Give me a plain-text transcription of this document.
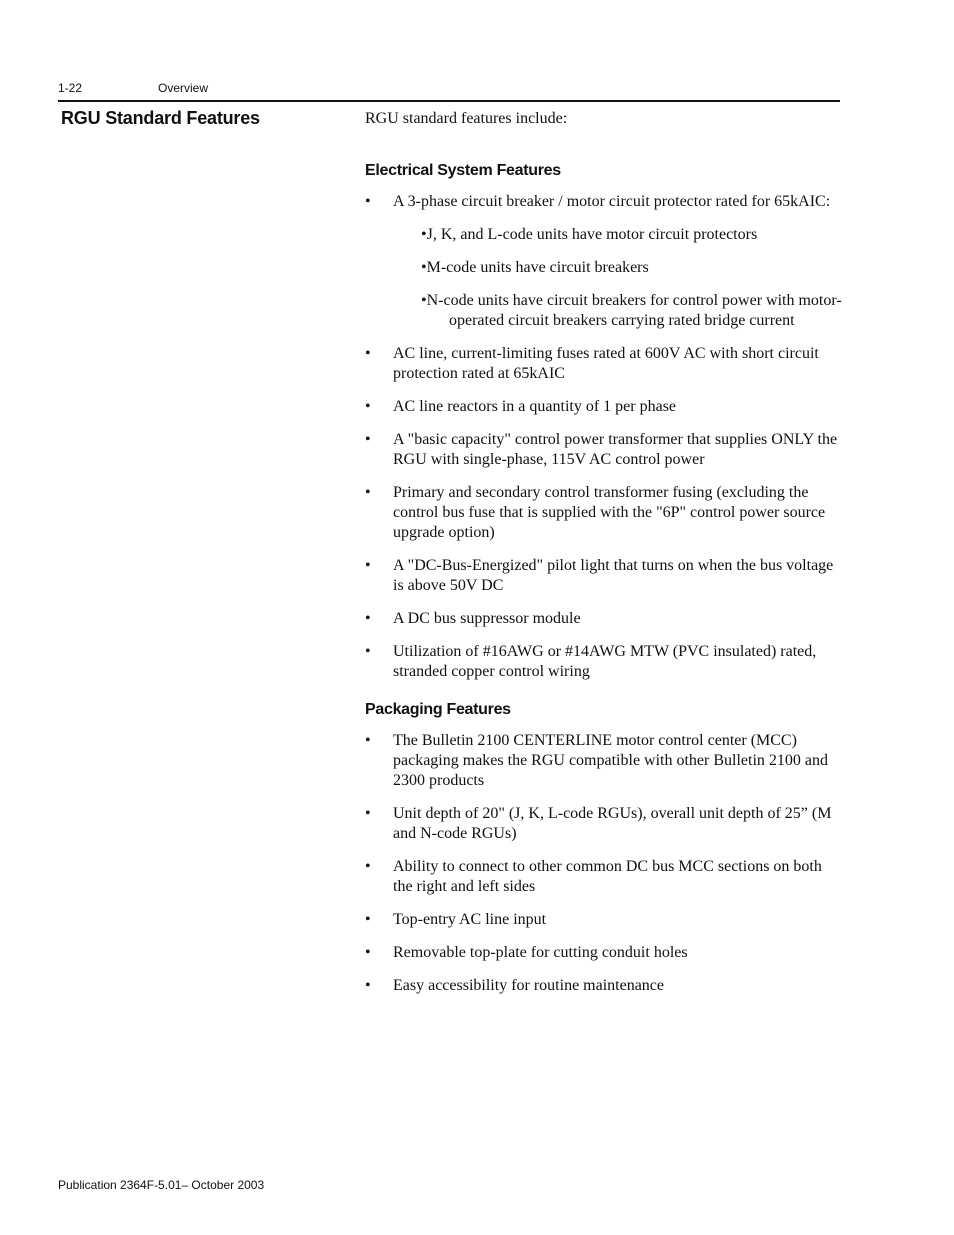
1-22	Overview
RGU Standard Features	RGU standard features include:

Electrical System Features
• A 3-phase circuit breaker / motor circuit protector rated for 65kAIC:
•J, K, and L-code units have motor circuit protectors
•M-code units have circuit breakers
•N-code units have circuit breakers for control power with motor-operated circuit breakers carrying rated bridge current
• AC line, current-limiting fuses rated at 600V AC with short circuit protection rated at 65kAIC
• AC line reactors in a quantity of 1 per phase
• A "basic capacity" control power transformer that supplies ONLY the RGU with single-phase, 115V AC control power
• Primary and secondary control transformer fusing (excluding the control bus fuse that is supplied with the "6P" control power source upgrade option)
• A "DC-Bus-Energized" pilot light that turns on when the bus voltage is above 50V DC
• A DC bus suppressor module
• Utilization of #16AWG or #14AWG MTW (PVC insulated) rated, stranded copper control wiring
Packaging Features
• The Bulletin 2100 CENTERLINE motor control center (MCC) packaging makes the RGU compatible with other Bulletin 2100 and 2300 products
• Unit depth of 20" (J, K, L-code RGUs), overall unit depth of 25” (M and N-code RGUs)
• Ability to connect to other common DC bus MCC sections on both the right and left sides
• Top-entry AC line input
• Removable top-plate for cutting conduit holes
• Easy accessibility for routine maintenance
Publication 2364F-5.01– October 2003
